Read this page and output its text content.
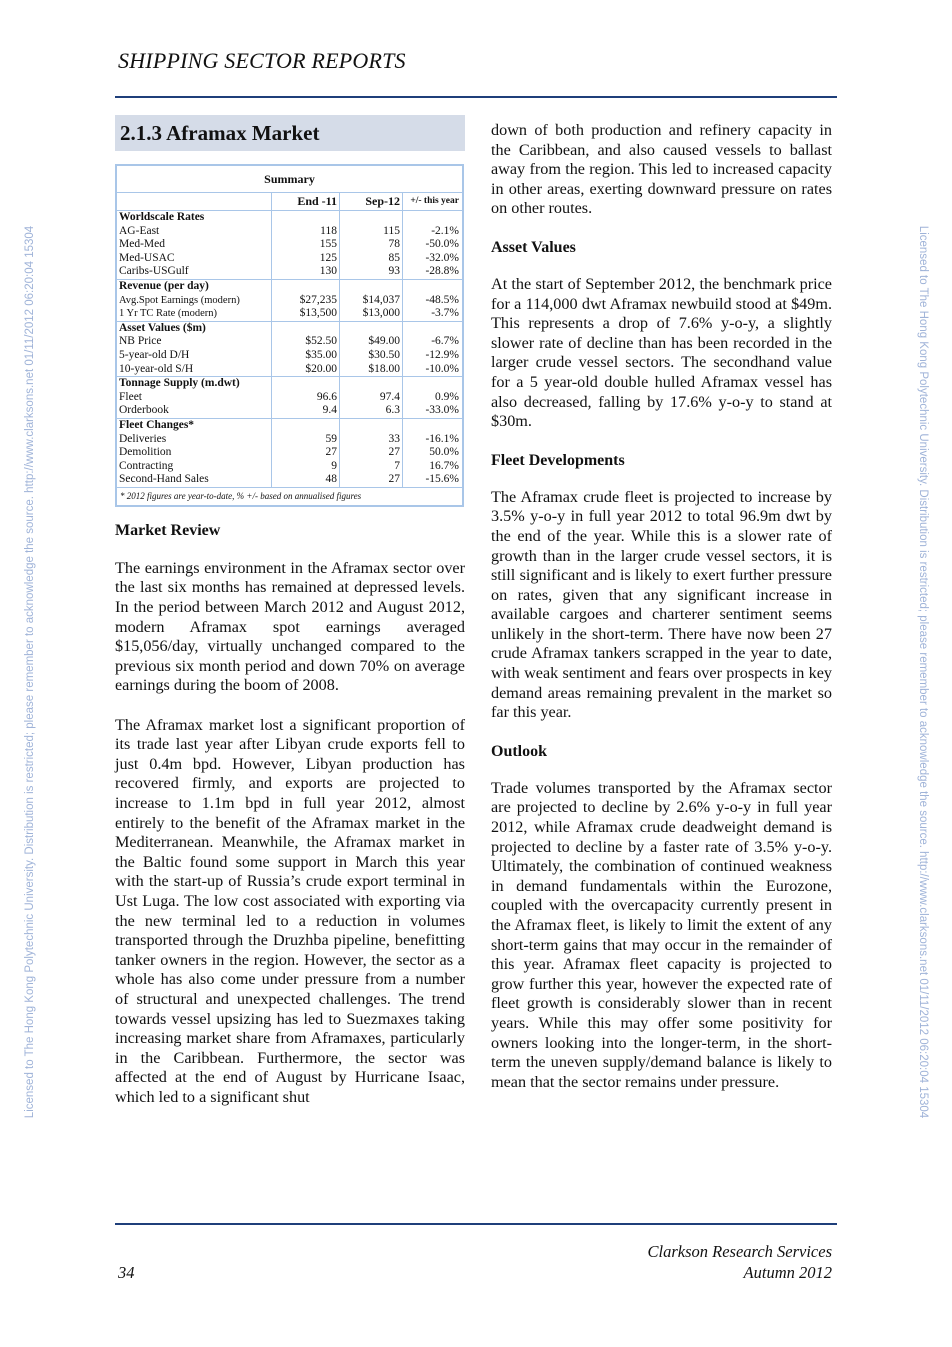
SHIPPING SECTOR REPORTS
Licensed to The Hong Kong Polytechnic University. Distribution is restricted; please remember to acknowledge the source. http://www.clarksons.net 01/11/2012 06:20:04 15304	Licensed to The Hong Kong Polytechnic University. Distribution is restricted; please remember to acknowledge the source. http://www.clarksons.net 01/11/2012 06:20:04 15304
2.1.3 Aframax Market
Summary			
	End -11	Sep-12	+/- this year
Worldscale Rates			
AG-East	118	115	-2.1%
Med-Med	155	78	-50.0%
Med-USAC	125	85	-32.0%
Caribs-USGulf	130	93	-28.8%
Revenue (per day)			
Avg.Spot Earnings (modern)	$27,235	$14,037	-48.5%
1 Yr TC Rate (modern)	$13,500	$13,000	-3.7%
Asset Values ($m)			
NB Price	$52.50	$49.00	-6.7%
5-year-old D/H	$35.00	$30.50	-12.9%
10-year-old S/H	$20.00	$18.00	-10.0%
Tonnage Supply (m.dwt)			
Fleet	96.6	97.4	0.9%
Orderbook	9.4	6.3	-33.0%
Fleet Changes*			
Deliveries	59	33	-16.1%
Demolition	27	27	50.0%
Contracting	9	7	16.7%
Second-Hand Sales	48	27	-15.6%
* 2012 figures are year-to-date, % +/- based on annualised figures
Market Review

The earnings environment in the Aframax sector over the last six months has remained at depressed levels. In the period between March 2012 and August 2012, modern Aframax spot earnings averaged $15,056/day, virtually unchanged compared to the previous six month period and down 70% on average earnings during the boom of 2008.

The Aframax market lost a significant proportion of its trade last year after Libyan crude exports fell to just 0.4m bpd. However, Libyan production has recovered firmly, and exports are projected to increase to 1.1m bpd in full year 2012, almost entirely to the benefit of the Aframax market in the Mediterranean. Meanwhile, the Aframax market in the Baltic found some support in March this year with the start-up of Russia’s crude export terminal in Ust Luga. The low cost associated with exporting via the new terminal led to a reduction in volumes transported through the Druzhba pipeline, benefitting tanker owners in the region. However, the sector as a whole has also come under pressure from a number of structural and unexpected challenges. The trend towards vessel upsizing has led to Suezmaxes taking increasing market share from Aframaxes, particularly in the Caribbean. Furthermore, the sector was affected at the end of August by Hurricane Isaac, which led to a significant shut

down of both production and refinery capacity in the Caribbean, and also caused vessels to ballast away from the region. This led to increased capacity in other areas, exerting downward pressure on rates on other routes.

Asset Values

At the start of September 2012, the benchmark price for a 114,000 dwt Aframax newbuild stood at $49m. This represents a drop of 7.6% y-o-y, a slightly slower rate of decline than has been recorded in the larger crude vessel sectors. The secondhand value for a 5 year-old double hulled Aframax vessel has also decreased, falling by 17.6% y-o-y to stand at $30m.

Fleet Developments

The Aframax crude fleet is projected to increase by 3.5% y-o-y in full year 2012 to total 96.9m dwt by the end of the year. While this is a slower rate of growth than in the larger crude vessel sectors, it is still significant and is likely to exert further pressure on rates, given that any significant increase in available cargoes and charterer sentiment seems unlikely in the short-term. There have now been 27 crude Aframax tankers scrapped in the year to date, with weak sentiment and fears over prospects in key demand areas remaining prevalent in the market so far this year.

Outlook

Trade volumes transported by the Aframax sector are projected to decline by 2.6% y-o-y in full year 2012, while Aframax crude deadweight demand is projected to decline by a faster rate of 3.5% y-o-y. Ultimately, the combination of continued weakness in demand fundamentals within the Eurozone, coupled with the overcapacity currently present in the Aframax fleet, is likely to limit the extent of any short-term gains that may occur in the remainder of this year. Aframax fleet capacity is projected to grow further this year, however the expected rate of fleet growth is considerably slower than in recent years. While this may offer some positivity for owners looking into the longer-term, in the short-term the uneven supply/demand balance is likely to mean that the sector remains under pressure.

Clarkson Research Services
Autumn 2012
34
